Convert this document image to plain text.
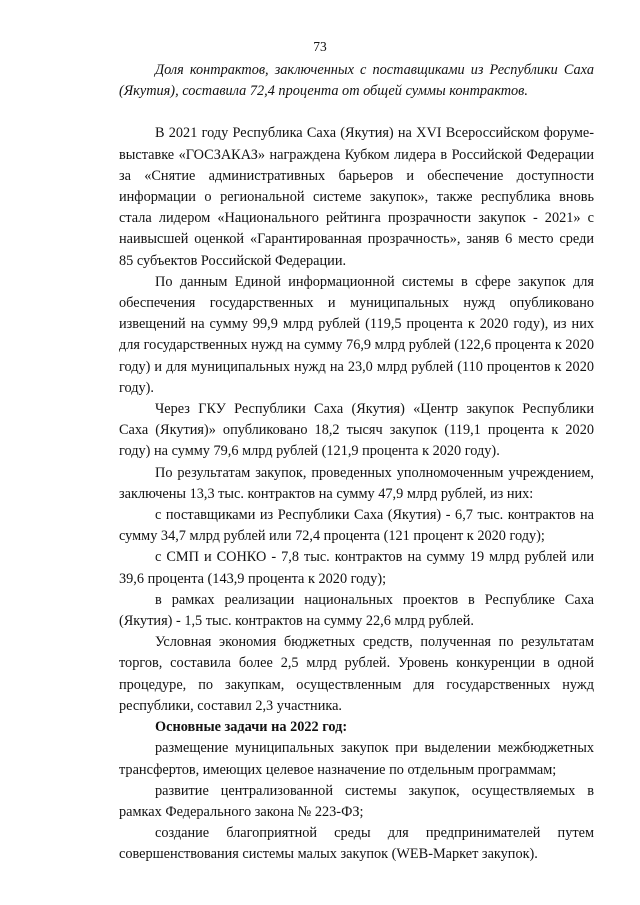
73

Доля контрактов, заключенных с поставщиками из Республики Саха (Якутия), составила 72,4 процента от общей суммы контрактов.

В 2021 году Республика Саха (Якутия) на XVI Всероссийском форуме-выставке «ГОСЗАКАЗ» награждена Кубком лидера в Российской Федерации за «Снятие административных барьеров и обеспечение доступности информации о региональной системе закупок», также республика вновь стала лидером «Национального рейтинга прозрачности закупок - 2021» с наивысшей оценкой «Гарантированная прозрачность», заняв 6 место среди 85 субъектов Российской Федерации.

По данным Единой информационной системы в сфере закупок для обеспечения государственных и муниципальных нужд опубликовано извещений на сумму 99,9 млрд рублей (119,5 процента к 2020 году), из них для государственных нужд на сумму 76,9 млрд рублей (122,6 процента к 2020 году) и для муниципальных нужд на 23,0 млрд рублей (110 процентов к 2020 году).

Через ГКУ Республики Саха (Якутия) «Центр закупок Республики Саха (Якутия)» опубликовано 18,2 тысяч закупок (119,1 процента к 2020 году) на сумму 79,6 млрд рублей (121,9 процента к 2020 году).

По результатам закупок, проведенных уполномоченным учреждением, заключены 13,3 тыс. контрактов на сумму 47,9 млрд рублей, из них:

с поставщиками из Республики Саха (Якутия) - 6,7 тыс. контрактов на сумму 34,7 млрд рублей или 72,4 процента (121 процент к 2020 году);

с СМП и СОНКО - 7,8 тыс. контрактов на сумму 19 млрд рублей или 39,6 процента (143,9 процента к 2020 году);

в рамках реализации национальных проектов в Республике Саха (Якутия) - 1,5 тыс. контрактов на сумму 22,6 млрд рублей.

Условная экономия бюджетных средств, полученная по результатам торгов, составила более 2,5 млрд рублей. Уровень конкуренции в одной процедуре, по закупкам, осуществленным для государственных нужд республики, составил 2,3 участника.

Основные задачи на 2022 год:

размещение муниципальных закупок при выделении межбюджетных трансфертов, имеющих целевое назначение по отдельным программам;

развитие централизованной системы закупок, осуществляемых в рамках Федерального закона № 223-ФЗ;

создание благоприятной среды для предпринимателей путем совершенствования системы малых закупок (WEB-Маркет закупок).
